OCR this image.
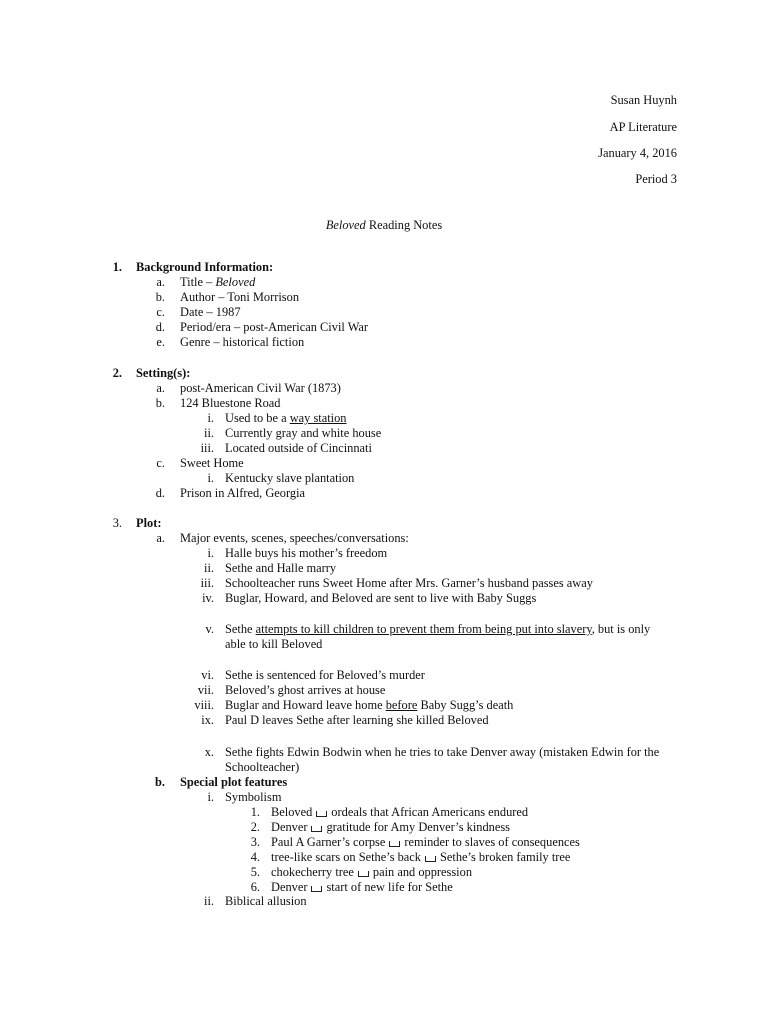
Susan Huynh
AP Literature
January 4, 2016
Period 3
Beloved Reading Notes
1. Background Information:
a. Title – Beloved
b. Author – Toni Morrison
c. Date – 1987
d. Period/era – post-American Civil War
e. Genre – historical fiction
2. Setting(s):
a. post-American Civil War (1873)
b. 124 Bluestone Road
i. Used to be a way station
ii. Currently gray and white house
iii. Located outside of Cincinnati
c. Sweet Home
i. Kentucky slave plantation
d. Prison in Alfred, Georgia
3. Plot:
a. Major events, scenes, speeches/conversations:
i. Halle buys his mother’s freedom
ii. Sethe and Halle marry
iii. Schoolteacher runs Sweet Home after Mrs. Garner’s husband passes away
iv. Buglar, Howard, and Beloved are sent to live with Baby Suggs
v. Sethe attempts to kill children to prevent them from being put into slavery, but is only
able to kill Beloved
vi. Sethe is sentenced for Beloved’s murder
vii. Beloved’s ghost arrives at house
viii. Buglar and Howard leave home before Baby Sugg’s death
ix. Paul D leaves Sethe after learning she killed Beloved
x. Sethe fights Edwin Bodwin when he tries to take Denver away (mistaken Edwin for the
Schoolteacher)
b. Special plot features
i. Symbolism
1. Beloved ordeals that African Americans endured
2. Denver gratitude for Amy Denver’s kindness
3. Paul A Garner’s corpse reminder to slaves of consequences
4. tree-like scars on Sethe’s back Sethe’s broken family tree
5. chokecherry tree pain and oppression
6. Denver start of new life for Sethe
ii. Biblical allusion
